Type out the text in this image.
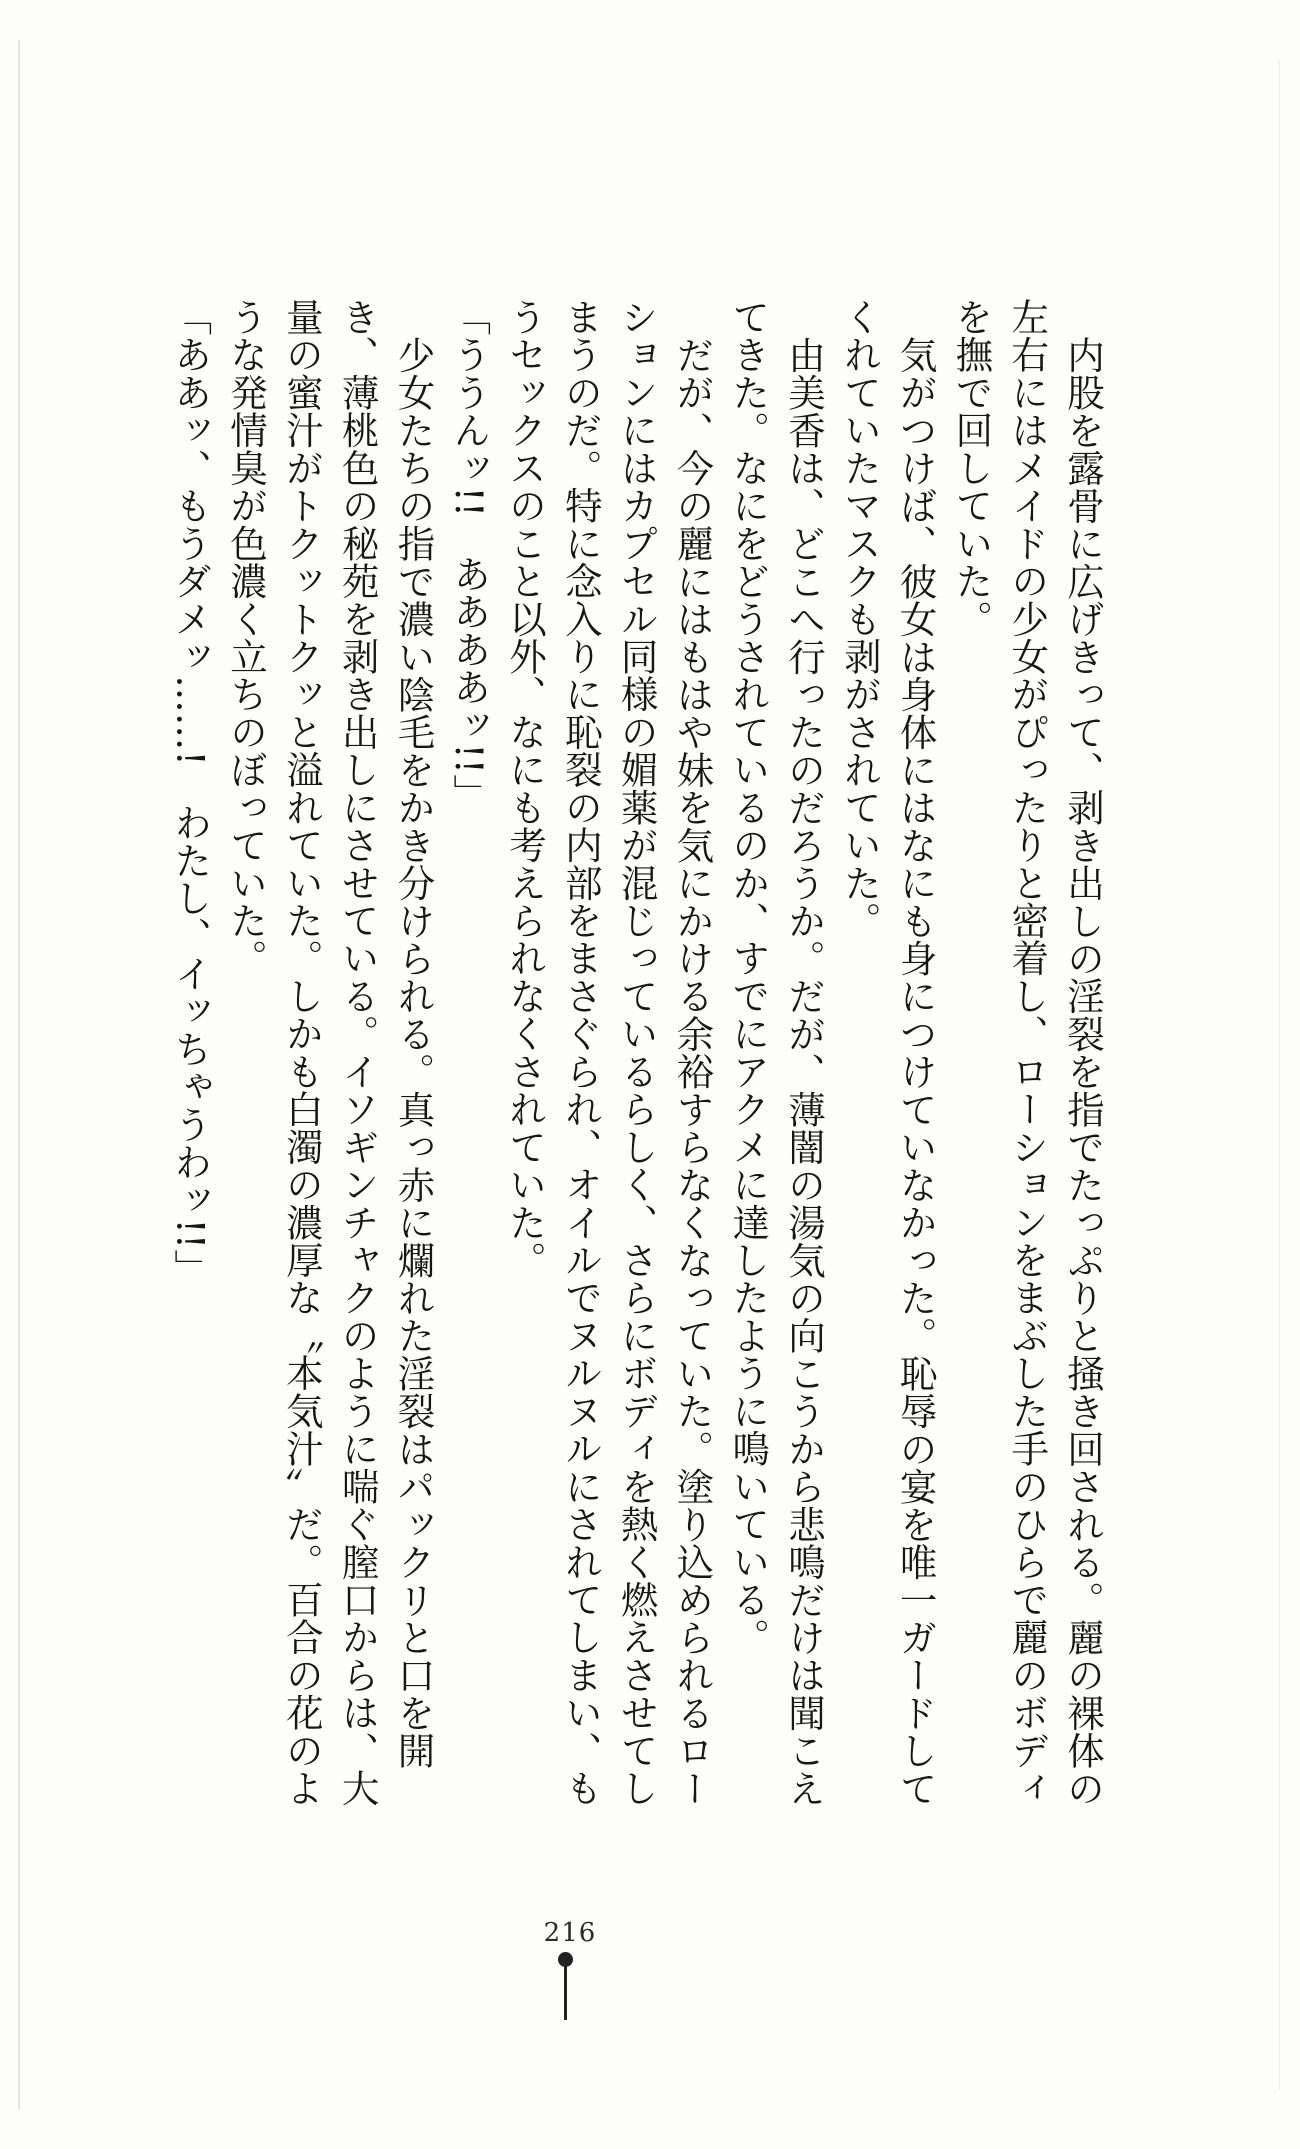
内股を露骨に広げきって、剥き出しの淫裂を指でたっぷりと掻き回される。麗の裸体の左右にはメイドの少女がぴったりと密着し、ローションをまぶした手のひらで麗のボディを撫で回していた。

気がつけば、彼女は身体にはなにも身につけていなかった。恥辱の宴を唯一ガードしてくれていたマスクも剥がされていた。

由美香は、どこへ行ったのだろうか。だが、薄闇の湯気の向こうから悲鳴だけは聞こえてきた。なにをどうされているのか、すでにアクメに達したように鳴いている。

だが、今の麗にはもはや妹を気にかける余裕すらなくなっていた。塗り込められるローションにはカプセル同様の媚薬が混じっているらしく、さらにボディを熱く燃えさせてしまうのだ。特に念入りに恥裂の内部をまさぐられ、オイルでヌルヌルにされてしまい、もうセックスのこと以外、なにも考えられなくされていた。

「ううんッ!!　ああああッ!!」

少女たちの指で濃い陰毛をかき分けられる。真っ赤に爛れた淫裂はパックリと口を開き、薄桃色の秘苑を剥き出しにさせている。イソギンチャクのように喘ぐ膣口からは、大量の蜜汁がトクットクッと溢れていた。しかも白濁の濃厚な〝本気汁〟だ。百合の花のような発情臭が色濃く立ちのぼっていた。

「ああッ、もうダメッ……!　わたし、イッちゃうわッ!!」

216
